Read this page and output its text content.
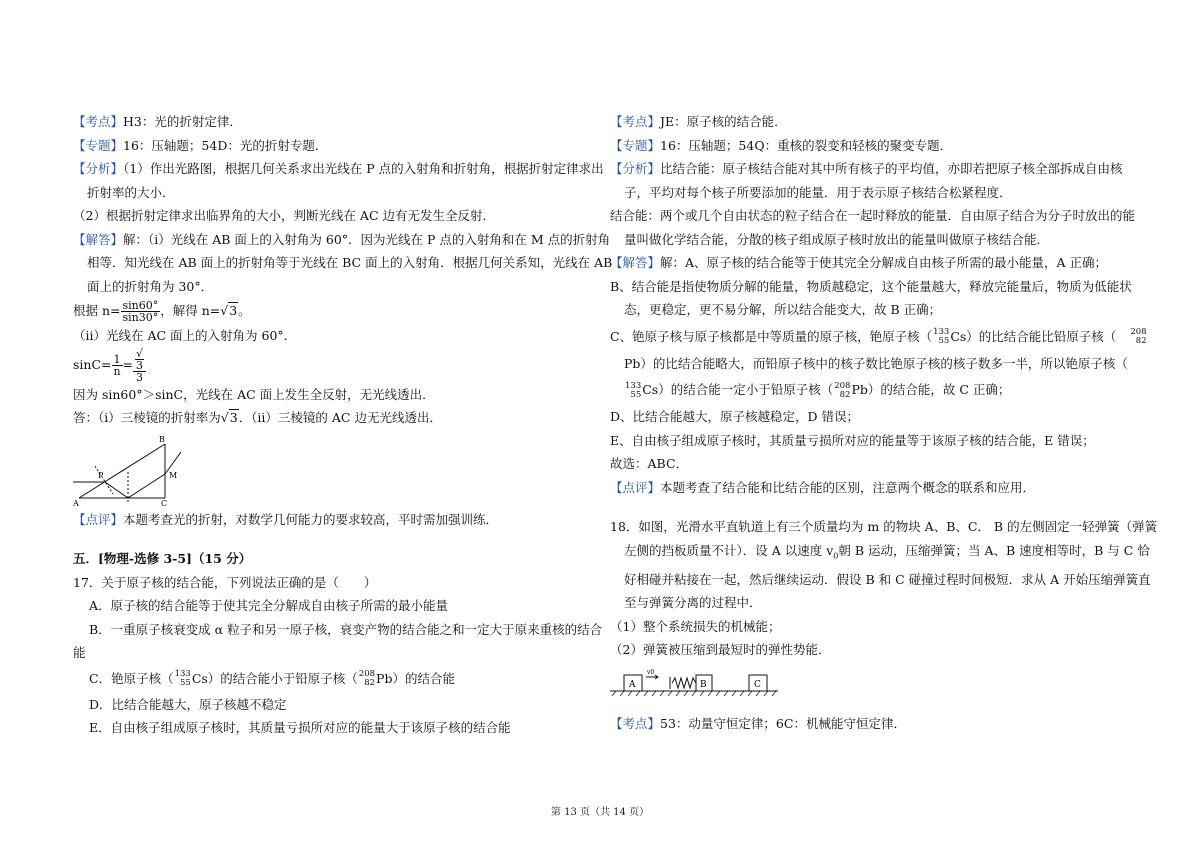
【考点】H3：光的折射定律．
【专题】16：压轴题；54D：光的折射专题．
【分析】（1）作出光路图，根据几何关系求出光线在 P 点的入射角和折射角，根据折射定律求出
折射率的大小．
（2）根据折射定律求出临界角的大小，判断光线在 AC 边有无发生全反射．
【解答】解：（i）光线在 AB 面上的入射角为 60°．因为光线在 P 点的入射角和在 M 点的折射角
相等．知光线在 AB 面上的折射角等于光线在 BC 面上的入射角．根据几何关系知，光线在 AB
面上的折射角为 30°．
根据 $n= \frac{\sin 60^\circ}{\sin 30^\circ}$ ，解得 n=√3。
（ii）光线在 AC 面上的入射角为 60°．
$\sin C= \frac{1}{n}$ = √
3
3
因为 sin60°＞sinC，光线在 AC 面上发生全反射，无光线透出．
答：（i）三棱镜的折射率为√3．（ii）三棱镜的 AC 边无光线透出．
A
B
C
P	M
【点评】本题考查光的折射，对数学几何能力的要求较高，平时需加强训练．
五．[物理-选修 3-5]（15 分）
17．关于原子核的结合能，下列说法正确的是（　　）
A．原子核的结合能等于使其完全分解成自由核子所需的最小能量
B．一重原子核衰变成 α 粒子和另一原子核，衰变产物的结合能之和一定大于原来重核的结合
能
C．铯原子核（ 133
55 Cs）的结合能小于铅原子核（ 208
82 Pb）的结合能
D．比结合能越大，原子核越不稳定
E．自由核子组成原子核时，其质量亏损所对应的能量大于该原子核的结合能
【考点】JE：原子核的结合能．
【专题】16：压轴题；54Q：重核的裂变和轻核的聚变专题．
【分析】比结合能：原子核结合能对其中所有核子的平均值，亦即若把原子核全部拆成自由核
子，平均对每个核子所要添加的能量．用于表示原子核结合松紧程度．
结合能：两个或几个自由状态的粒子结合在一起时释放的能量．自由原子结合为分子时放出的能
量叫做化学结合能，分散的核子组成原子核时放出的能量叫做原子核结合能．
【解答】解：A、原子核的结合能等于使其完全分解成自由核子所需的最小能量，A 正确；
B、结合能是指使物质分解的能量，物质越稳定，这个能量越大，释放完能量后，物质为低能状
态，更稳定，更不易分解，所以结合能变大，故 B 正确；
C、铯原子核与原子核都是中等质量的原子核，铯原子核（ 133
55 Cs）的比结合能比铅原子核（ 208
82
Pb）的比结合能略大，而铅原子核中的核子数比铯原子核的核子数多一半，所以铯原子核（
133
55 Cs）的结合能一定小于铅原子核（ 208
82 Pb）的结合能，故 C 正确；
D、比结合能越大，原子核越稳定，D 错误；
E、自由核子组成原子核时，其质量亏损所对应的能量等于该原子核的结合能，E 错误；
故选：ABC．
【点评】本题考查了结合能和比结合能的区别，注意两个概念的联系和应用．
18．如图，光滑水平直轨道上有三个质量均为 m 的物块 A、B、C． B 的左侧固定一轻弹簧（弹簧
左侧的挡板质量不计）．设 A 以速度 $v_0$朝 B 运动，压缩弹簧；当 A、B 速度相等时，B 与 C 恰
好相碰并粘接在一起，然后继续运动．假设 B 和 C 碰撞过程时间极短．求从 A 开始压缩弹簧直
至与弹簧分离的过程中．
（1）整个系统损失的机械能；
（2）弹簧被压缩到最短时的弹性势能．
A	B	C
v0
【考点】53：动量守恒定律；6C：机械能守恒定律．
第 13 页（共 14 页）
